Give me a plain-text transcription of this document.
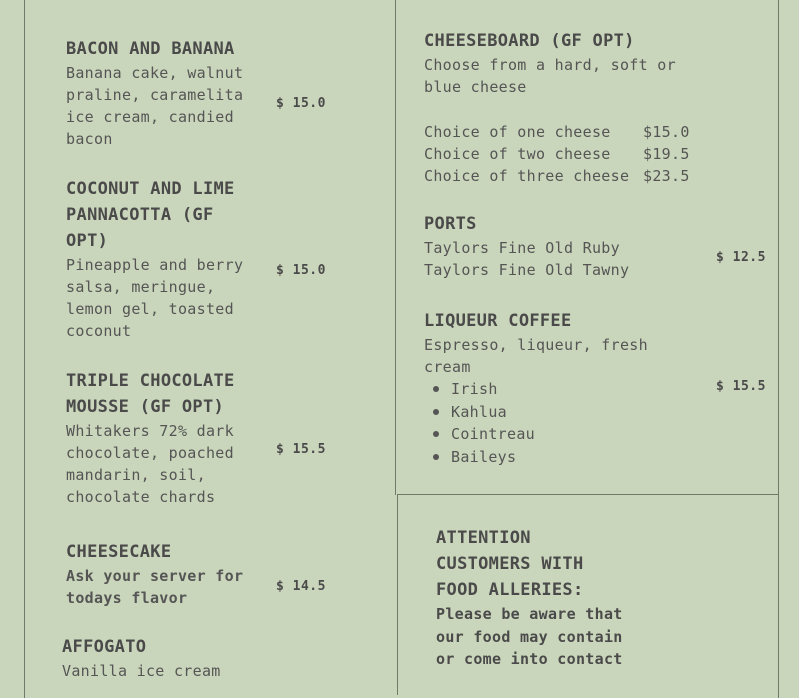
BACON AND BANANA
Banana cake, walnut
praline, caramelita
ice cream, candied
bacon
$ 15.0
COCONUT AND LIME
PANNACOTTA (GF
OPT)
Pineapple and berry
salsa, meringue,
lemon gel, toasted
coconut
$ 15.0
TRIPLE CHOCOLATE
MOUSSE (GF OPT)
Whitakers 72% dark
chocolate, poached
mandarin, soil,
chocolate chards
$ 15.5
CHEESECAKE
Ask your server for
todays flavor
$ 14.5
AFFOGATO
Vanilla ice cream
CHEESEBOARD (GF OPT)
Choose from a hard, soft or
blue cheese
Choice of one cheese	$15.0
Choice of two cheese	$19.5
Choice of three cheese $23.5
PORTS
Taylors Fine Old Ruby
Taylors Fine Old Tawny
$ 12.5
LIQUEUR COFFEE
Espresso, liqueur, fresh
cream
Irish
Kahlua
Cointreau
Baileys
$ 15.5
ATTENTION
CUSTOMERS WITH
FOOD ALLERIES:
Please be aware that
our food may contain
or come into contact
